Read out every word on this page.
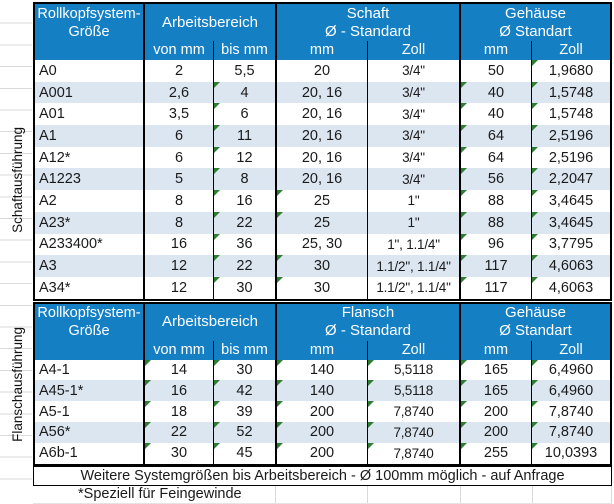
Schaftausführung
Flanschausführung
Rollkopfsystem-
Größe
Arbeitsbereich
Schaft
Ø - Standard
Gehäuse
Ø Standart
von mm	bis mm	mm	Zoll	mm	Zoll
A0	2	5,5	20	3/4"	50	1,9680
A001	2,6	4	20, 16	3/4"	40	1,5748
A01	3,5	6	20, 16	3/4"	40	1,5748
A1	6	11	20, 16	3/4"	64	2,5196
A12*	6	12	20, 16	3/4"	64	2,5196
A1223	5	8	20, 16	3/4"	56	2,2047
A2	8	16	25	1"	88	3,4645
A23*	8	22	25	1"	88	3,4645
A233400*	16	36	25, 30	1", 1.1/4"	96	3,7795
A3	12	22	30	1.1/2", 1.1/4"	117	4,6063
A34*	12	30	30	1.1/2", 1.1/4"	117	4,6063
Rollkopfsystem-
Größe
Arbeitsbereich
Flansch
Ø - Standard
Gehäuse
Ø Standart
von mm	bis mm	mm	Zoll	mm	Zoll
A4-1	14	30	140	5,5118	165	6,4960
A45-1*	16	42	140	5,5118	165	6,4960
A5-1	18	39	200	7,8740	200	7,8740
A56*	22	52	200	7,8740	200	7,8740
A6b-1	30	45	200	7,8740	255	10,0393
Weitere Systemgrößen bis Arbeitsbereich - Ø 100mm möglich - auf Anfrage
*Speziell für Feingewinde
